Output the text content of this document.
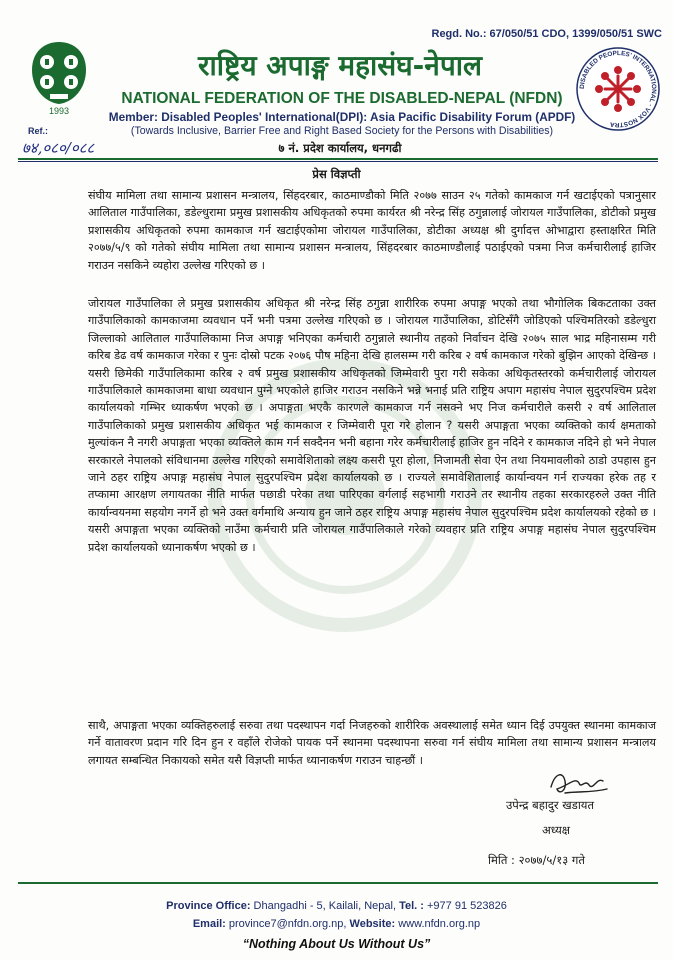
Regd. No.: 67/050/51 CDO, 1399/050/51 SWC
1993
राष्ट्रिय अपाङ्ग महासंघ-नेपाल
NATIONAL FEDERATION OF THE DISABLED-NEPAL (NFDN)
Member: Disabled Peoples' International(DPI): Asia Pacific Disability Forum (APDF)
(Towards Inclusive, Barrier Free and Right Based Society for the Persons with Disabilities)
DISABLED PEOPLES' INTERNATIONAL · VOX NOSTRA
Ref.:
७४,०८०/०८८	७ नं. प्रदेश कार्यालय, धनगढी
प्रेस विज्ञप्ती
संघीय मामिला तथा सामान्य प्रशासन मन्त्रालय, सिंहदरबार, काठमाण्डौको मिति २०७७ साउन २५ गतेको कामकाज गर्न खटाईएको पत्रानुसार आलिताल गाउँपालिका, डडेल्धुरामा प्रमुख प्रशासकीय अधिकृतको रुपमा कार्यरत श्री नरेन्द्र सिंह ठगुन्नालाई जोरायल गाउँपालिका, डोटीको प्रमुख प्रशासकीय अधिकृतको रुपमा कामकाज गर्न खटाईएकोमा जोरायल गाउँपालिका, डोटीका अध्यक्ष श्री दुर्गादत्त ओभाद्वारा हस्ताक्षरित मिति २०७७/५/९ को गतेको संघीय मामिला तथा सामान्य प्रशासन मन्त्रालय, सिंहदरबार काठमाण्डौलाई पठाईएको पत्रमा निज कर्मचारीलाई हाजिर गराउन नसकिने व्यहोरा उल्लेख गरिएको छ ।
जोरायल गाउँपालिका ले प्रमुख प्रशासकीय अधिकृत श्री नरेन्द्र सिंह ठगुन्ना शारीरिक रुपमा अपाङ्ग भएको तथा भौगोलिक बिकटताका उक्त गाउँपालिकाको कामकाजमा व्यवधान पर्ने भनी पत्रमा उल्लेख गरिएको छ । जोरायल गाउँपालिका, डोटिसँगै जोडिएको पश्चिमतिरको डडेल्धुरा जिल्लाको आलिताल गाउँपालिकामा निज अपाङ्ग भनिएका कर्मचारी ठगुन्नाले स्थानीय तहको निर्वाचन देखि २०७५ साल भाद्र महिनासम्म गरी करिब डेढ वर्ष कामकाज गरेका र पुनः दोस्रो पटक २०७६ पौष महिना देखि हालसम्म गरी करिब २ वर्ष कामकाज गरेको बुझिन आएको देखिन्छ । यसरी छिमेकी गाउँपालिकामा करिब २ वर्ष प्रमुख प्रशासकीय अधिकृतको जिम्मेवारी पुरा गरी सकेका अधिकृतस्तरको कर्मचारीलाई जोरायल गाउँपालिकाले कामकाजमा बाधा व्यवधान पुग्ने भएकोले हाजिर गराउन नसकिने भन्ने भनाई प्रति राष्ट्रिय अपाग महासंघ नेपाल सुदुरपश्चिम प्रदेश कार्यालयको गम्भिर ध्याकर्षण भएको छ । अपाङ्गता भएकै कारणले कामकाज गर्न नसक्ने भए निज कर्मचारीले कसरी २ वर्ष आलिताल गाउँपालिकाको प्रमुख प्रशासकीय अधिकृत भई कामकाज र जिम्मेवारी पूरा गरे होलान ? यसरी अपाङ्गता भएका व्यक्तिको कार्य क्षमताको मुल्यांकन नै नगरी अपाङ्गता भएका व्यक्तिले काम गर्न सक्दैनन भनी बहाना गरेर कर्मचारीलाई हाजिर हुन नदिने र कामकाज नदिने हो भने नेपाल सरकारले नेपालको संविधानमा उल्लेख गरिएको समावेशिताको लक्ष्य कसरी पूरा होला, निजामती सेवा ऐन तथा नियमावलीको ठाडो उपहास हुन जाने ठहर राष्ट्रिय अपाङ्ग महासंघ नेपाल सुदुरपश्चिम प्रदेश कार्यालयको छ । राज्यले समावेशिताला‍ई कार्यान्वयन गर्न राज्यका हरेक तह र तप्कामा आरक्षण लगायतका नीति मार्फत पछाडी परेका तथा पारिएका वर्गलाई सहभागी गराउने तर स्थानीय तहका सरकारहरुले उक्त नीति कार्यान्वयनमा सहयोग नगर्ने हो भने उक्त वर्गमाथि अन्याय हुन जाने ठहर राष्ट्रिय अपाङ्ग महासंघ नेपाल सुदुरपश्चिम प्रदेश कार्यालयको रहेको छ । यसरी अपाङ्गता भएका व्यक्तिको नाउँमा कर्मचारी प्रति जोरायल गाउँपालिकाले गरेको व्यवहार प्रति राष्ट्रिय अपाङ्ग महासंघ नेपाल सुदुरपश्चिम प्रदेश कार्यालयको ध्यानाकर्षण भएको छ ।
साथै, अपाङ्गता भएका व्यक्तिहरुलाई सरुवा तथा पदस्थापन गर्दा निजहरुको शारीरिक अवस्थालाई समेत ध्यान दिई उपयुक्त स्थानमा कामकाज गर्ने वातावरण प्रदान गरि दिन हुन र वहाँले रोजेको पायक पर्ने स्थानमा पदस्थापना सरुवा गर्न संघीय मामिला तथा सामान्य प्रशासन मन्त्रालय लगायत सम्बन्धित निकायको समेत यसै विज्ञप्ती मार्फत ध्यानाकर्षण गराउन चाहन्छौं ।
उपेन्द्र बहादुर खडायत
अध्यक्ष
मिति : २०७७/५/१३ गते
Province Office: Dhangadhi - 5, Kailali, Nepal, Tel. : +977 91 523826
Email: province7@nfdn.org.np, Website: www.nfdn.org.np
“Nothing About Us Without Us”
